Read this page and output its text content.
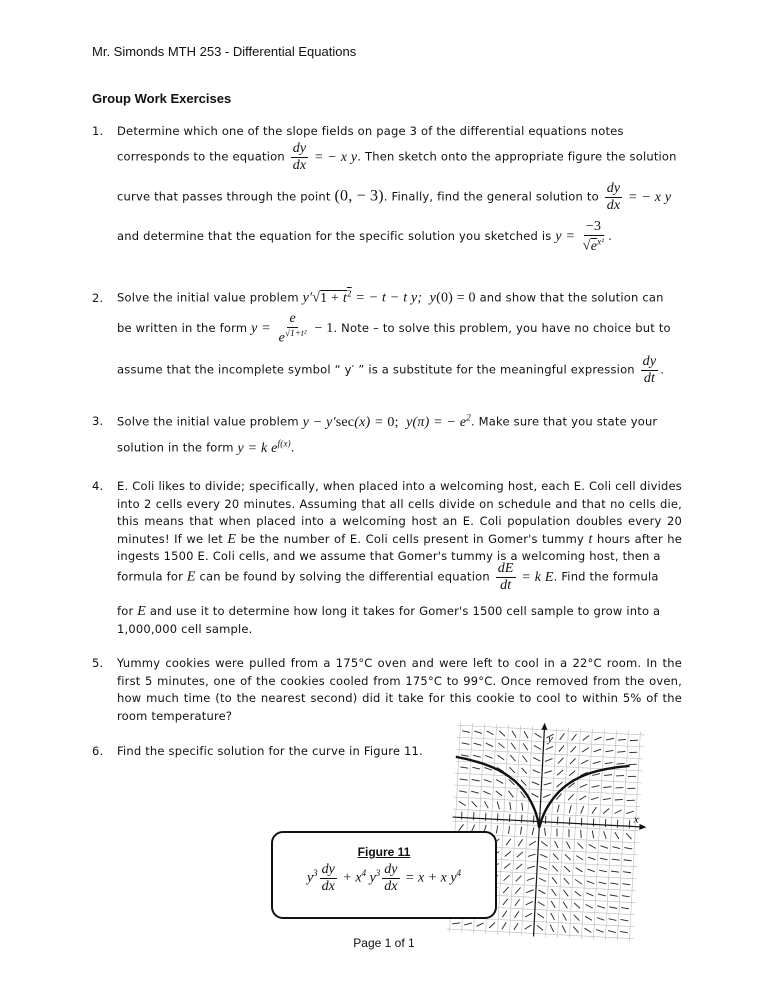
Mr. Simonds MTH 253 - Differential Equations
Group Work Exercises
1. Determine which one of the slope fields on page 3 of the differential equations notes
corresponds to the equation $\frac{dy}{dx}$ = − x y. Then sketch onto the appropriate figure the solution
curve that passes through the point (0, − 3). Finally, find the general solution to $\frac{dy}{dx}$ = − x y
and determine that the equation for the specific solution you sketched is $y = \frac{-3}{√e^{x^2}}$ .
2. Solve the initial value problem $y'√1 + t^2$ = − t − t y;  y(0) = 0 and show that the solution can
be written in the form $y = \frac{e}{e^{√1+t^2}} - 1$. Note – to solve this problem, you have no choice but to
assume that the incomplete symbol “ y′ ” is a substitute for the meaningful expression $\frac{dy}{dt}$ .
3. Solve the initial value problem y − y′sec(x) = 0;  y(π) = − $e^2$. Make sure that you state your
solution in the form y = k $e^{f(x)}$.
4. E. Coli likes to divide; specifically, when placed into a welcoming host, each E. Coli cell divides into 2 cells every 20 minutes. Assuming that all cells divide on schedule and that no cells die, this means that when placed into a welcoming host an E. Coli population doubles every 20 minutes! If we let E be the number of E. Coli cells present in Gomer's tummy t hours after he ingests 1500 E. Coli cells, and we assume that Gomer's tummy is a welcoming host, then a
formula for E can be found by solving the differential equation $\frac{dE}{dt} = k$ E. Find the formula
for E and use it to determine how long it takes for Gomer's 1500 cell sample to grow into a
1,000,000 cell sample.
5. Yummy cookies were pulled from a 175°C oven and were left to cool in a 22°C room. In the first 5 minutes, one of the cookies cooled from 175°C to 99°C. Once removed from the oven, how much time (to the nearest second) did it take for this cookie to cool to within 5% of the room temperature?
6. Find the specific solution for the curve in Figure 11.
x
y
Figure 11
$y^3 \frac{dy}{dx} + x^4$ $y^3 \frac{dy}{dx} = x + x$ $y^4$
Page 1 of 1
